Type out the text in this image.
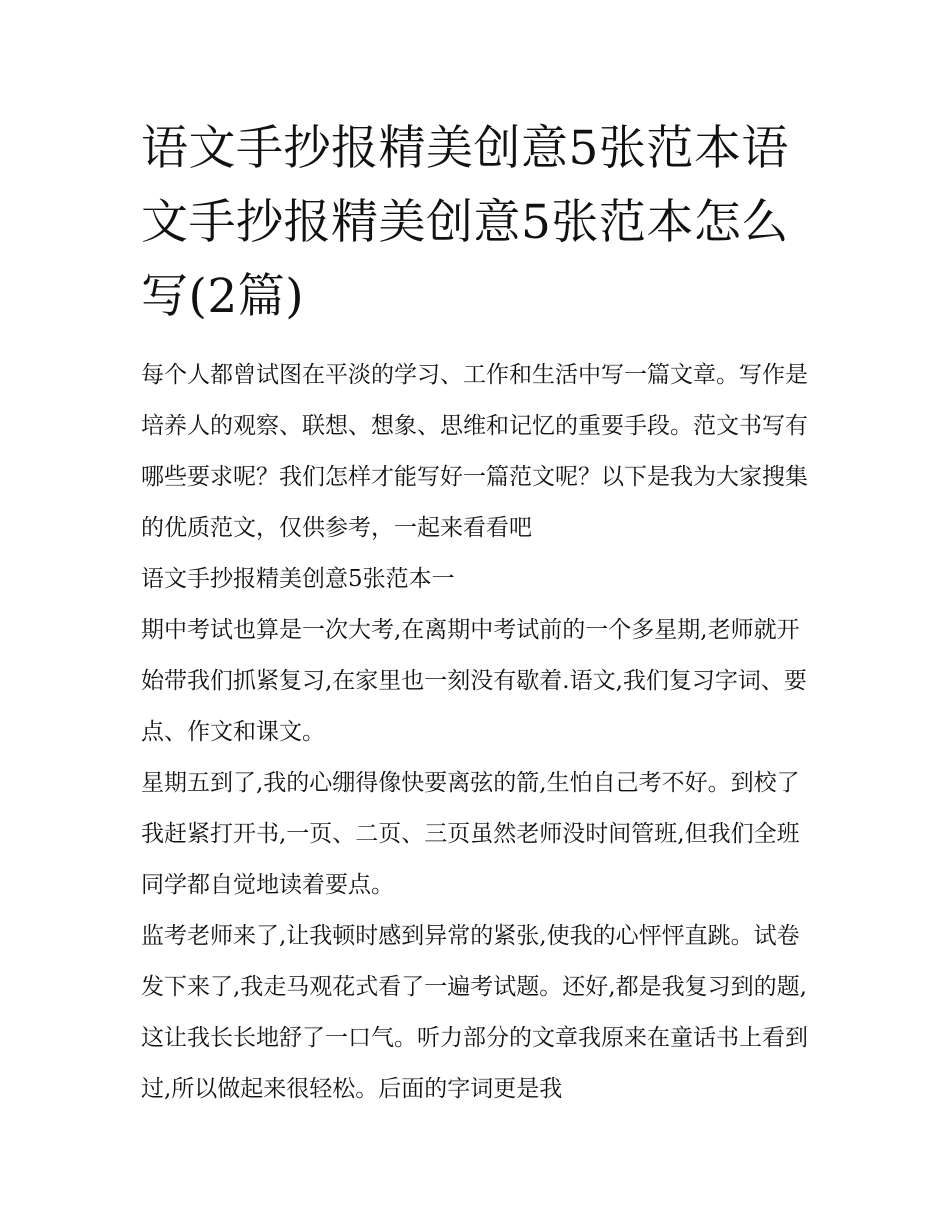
语文手抄报精美创意5张范本语文手抄报精美创意5张范本怎么写(2篇)

每个人都曾试图在平淡的学习、工作和生活中写一篇文章。写作是培养人的观察、联想、想象、思维和记忆的重要手段。范文书写有哪些要求呢？我们怎样才能写好一篇范文呢？以下是我为大家搜集的优质范文，仅供参考，一起来看看吧

语文手抄报精美创意5张范本一

期中考试也算是一次大考,在离期中考试前的一个多星期,老师就开始带我们抓紧复习,在家里也一刻没有歇着.语文,我们复习字词、要点、作文和课文。

星期五到了,我的心绷得像快要离弦的箭,生怕自己考不好。到校了我赶紧打开书,一页、二页、三页虽然老师没时间管班,但我们全班同学都自觉地读着要点。

监考老师来了,让我顿时感到异常的紧张,使我的心怦怦直跳。试卷发下来了,我走马观花式看了一遍考试题。还好,都是我复习到的题,这让我长长地舒了一口气。听力部分的文章我原来在童话书上看到过,所以做起来很轻松。后面的字词更是我
